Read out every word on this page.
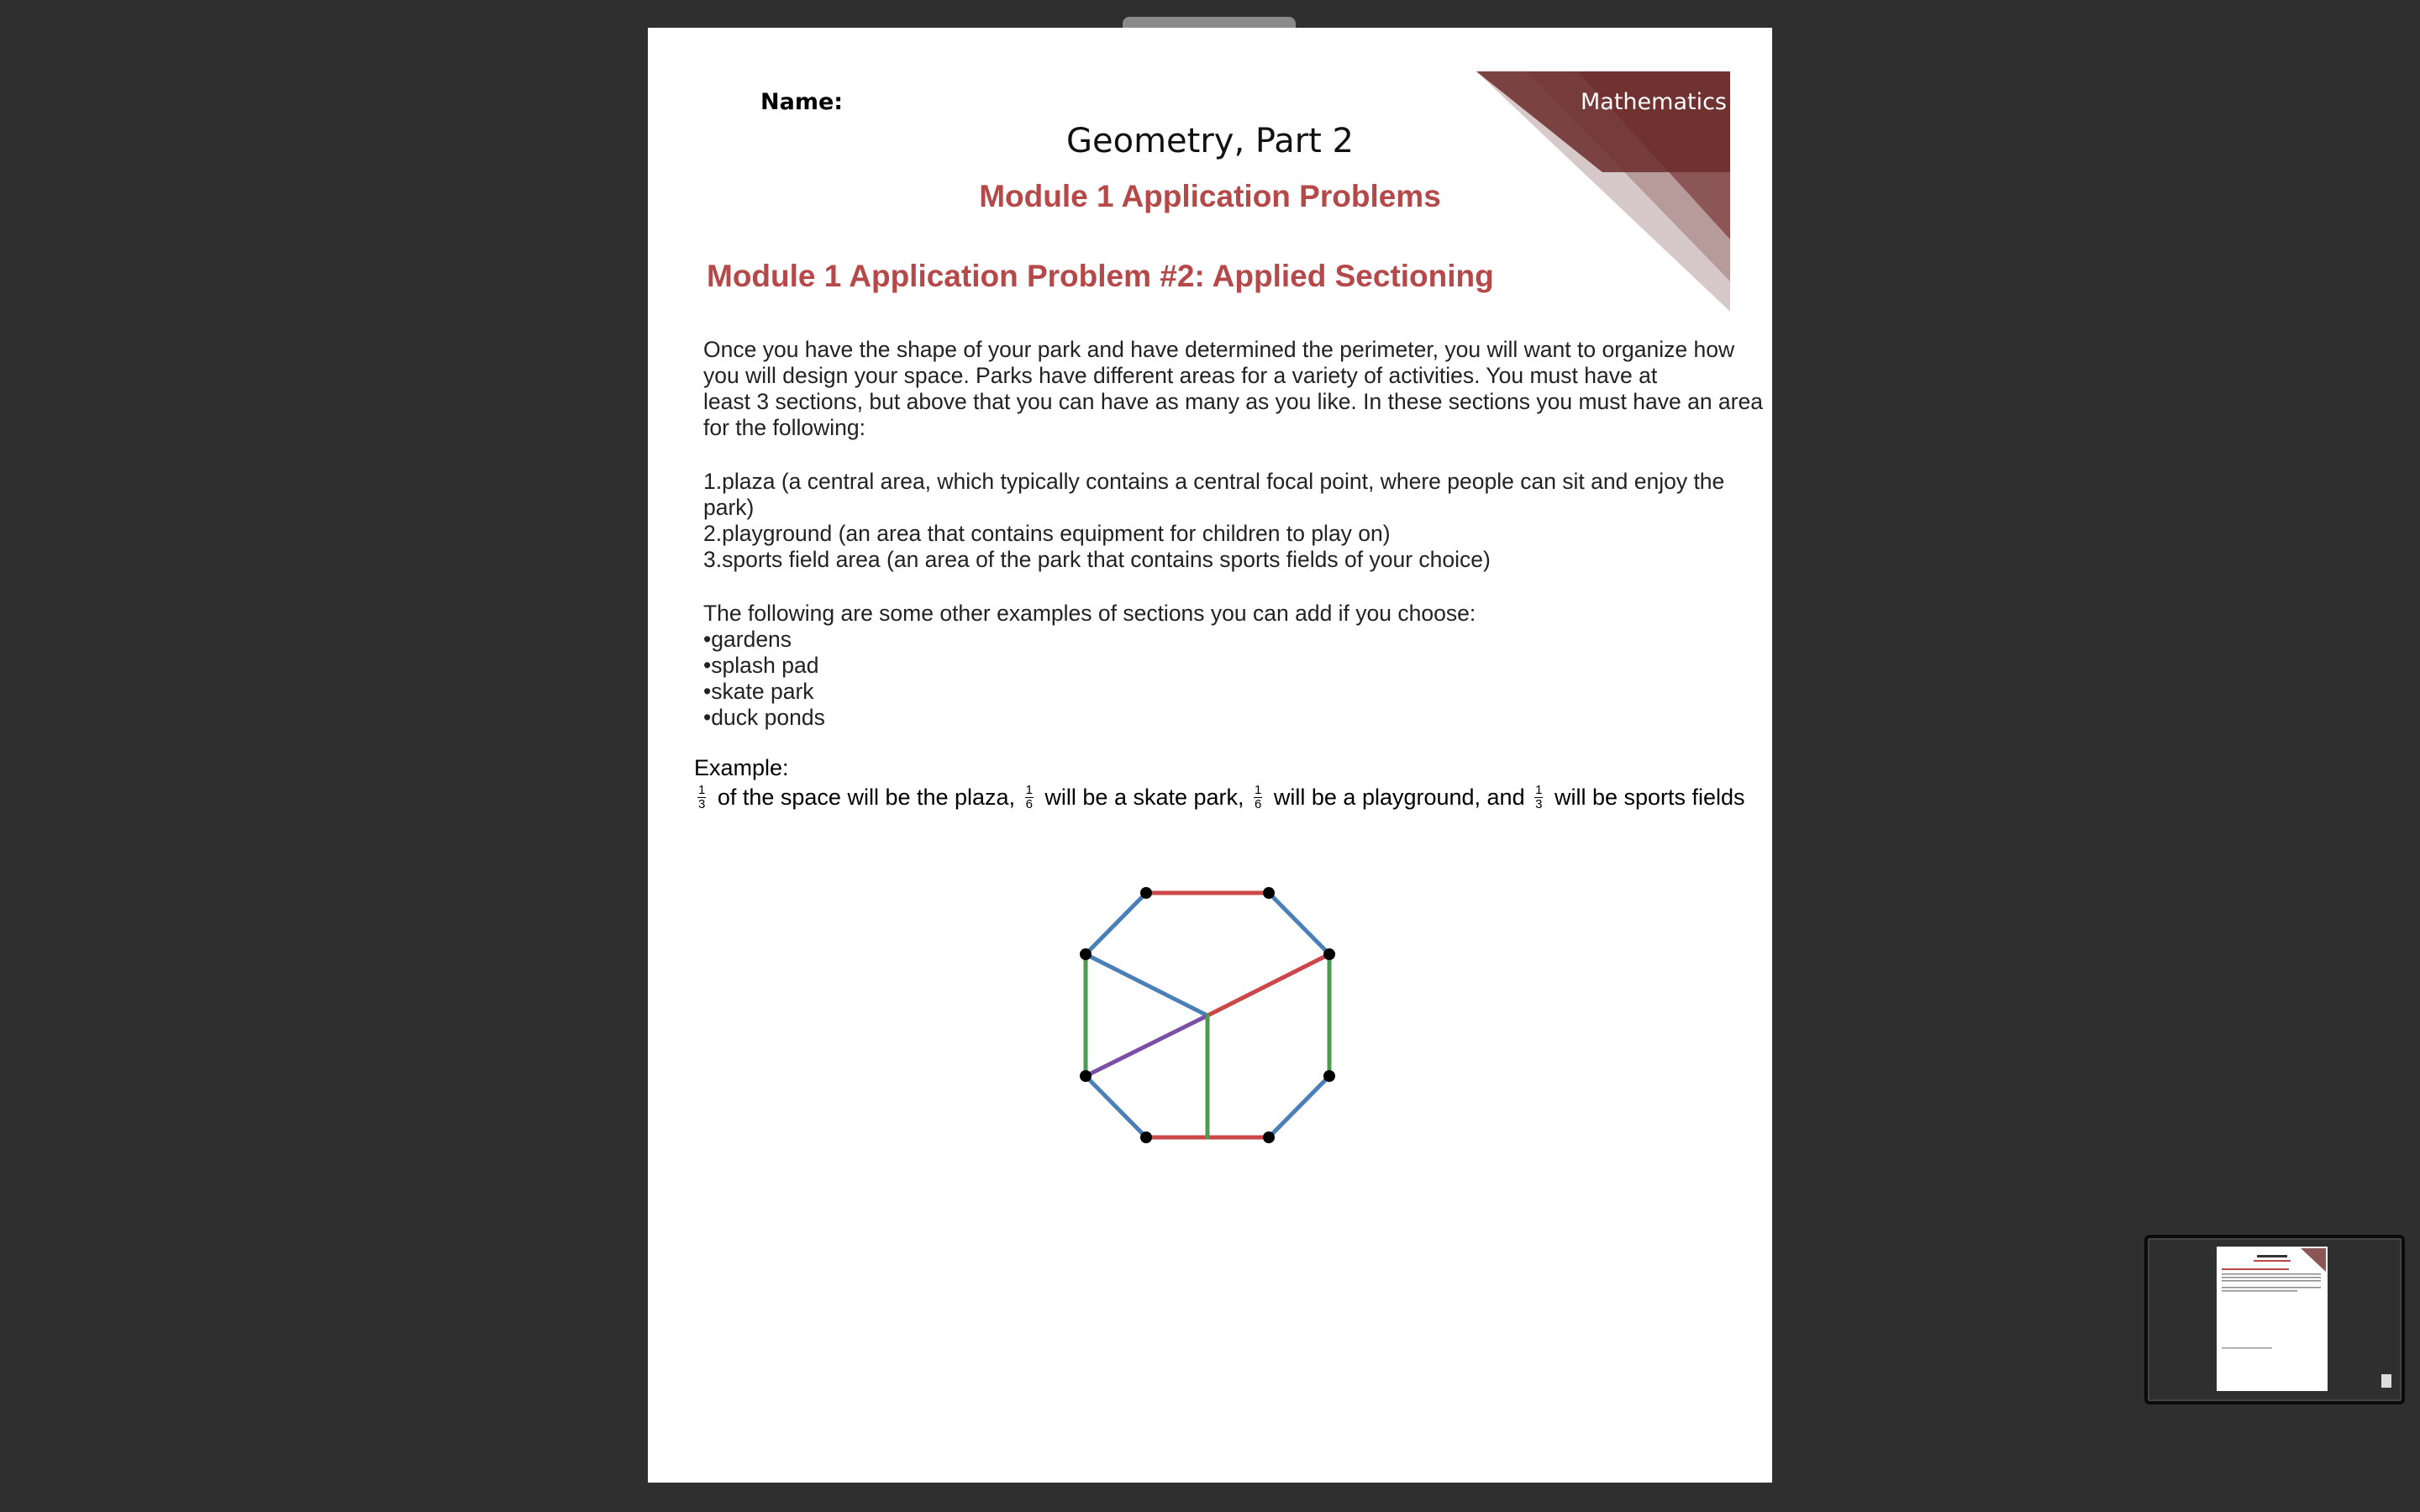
Mathematics
Name:
Geometry, Part 2
Module 1 Application Problems
Module 1 Application Problem #2: Applied Sectioning
Once you have the shape of your park and have determined the perimeter, you will want to organize how
you will design your space. Parks have different areas for a variety of activities. You must have at
least 3 sections, but above that you can have as many as you like. In these sections you must have an area
for the following:
1.plaza (a central area, which typically contains a central focal point, where people can sit and enjoy the
park)
2.playground (an area that contains equipment for children to play on)
3.sports field area (an area of the park that contains sports fields of your choice)
The following are some other examples of sections you can add if you choose:
•gardens
•splash pad
•skate park
•duck ponds
Example:
$\frac{1}{3}$ of the space will be the plaza, $\frac{1}{6}$ will be a skate park, $\frac{1}{6}$ will be a playground, and $\frac{1}{3}$ will be sports fields
